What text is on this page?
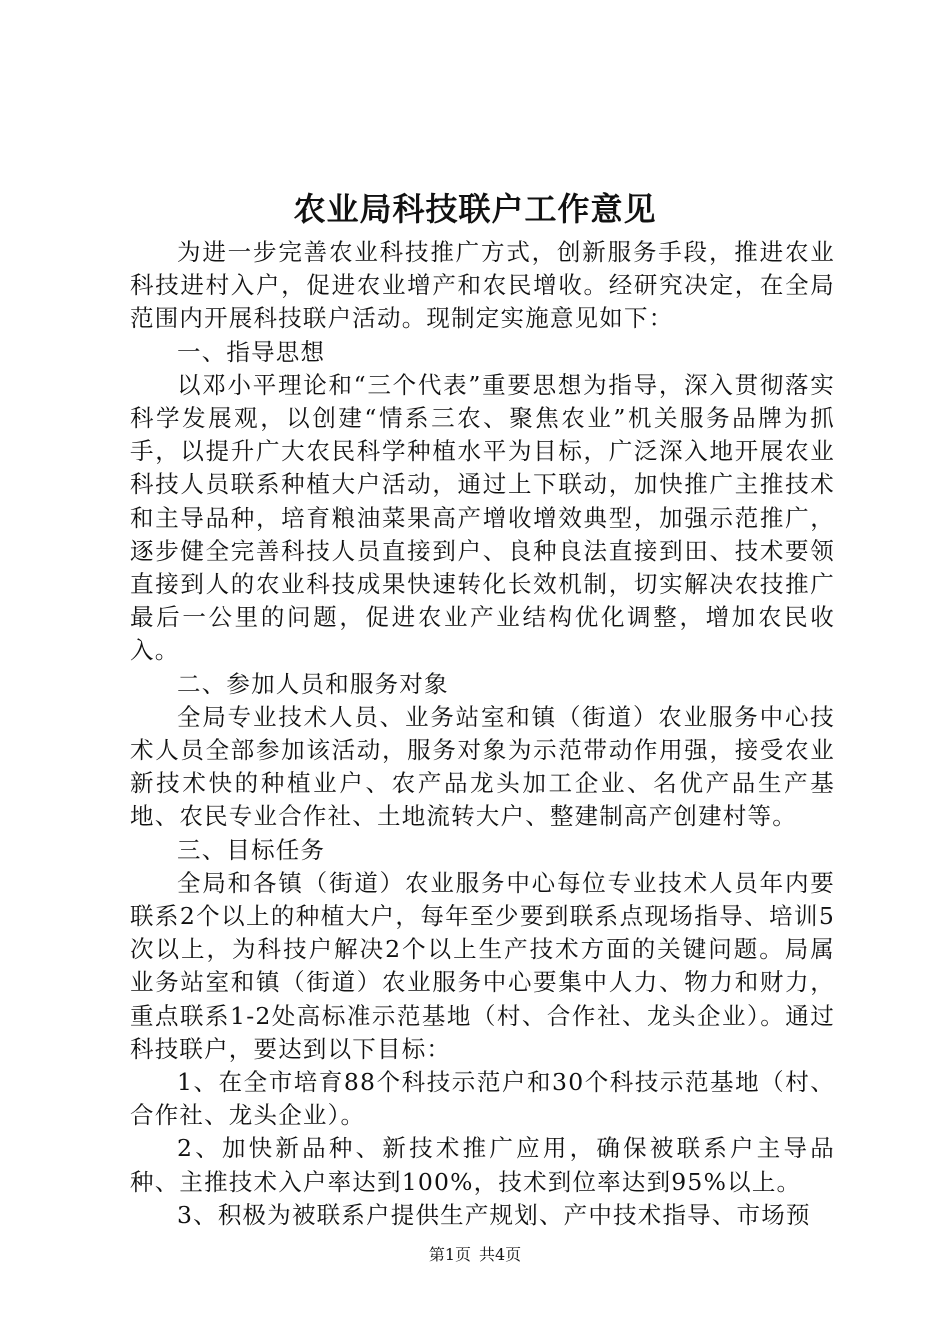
农业局科技联户工作意见

为进一步完善农业科技推广方式，创新服务手段，推进农业科技进村入户，促进农业增产和农民增收。经研究决定，在全局范围内开展科技联户活动。现制定实施意见如下：

一、指导思想

以邓小平理论和“三个代表”重要思想为指导，深入贯彻落实科学发展观，以创建“情系三农、聚焦农业”机关服务品牌为抓手，以提升广大农民科学种植水平为目标，广泛深入地开展农业科技人员联系种植大户活动，通过上下联动，加快推广主推技术和主导品种，培育粮油菜果高产增收增效典型，加强示范推广，逐步健全完善科技人员直接到户、良种良法直接到田、技术要领直接到人的农业科技成果快速转化长效机制，切实解决农技推广最后一公里的问题，促进农业产业结构优化调整，增加农民收入。

二、参加人员和服务对象

全局专业技术人员、业务站室和镇（街道）农业服务中心技术人员全部参加该活动，服务对象为示范带动作用强，接受农业新技术快的种植业户、农产品龙头加工企业、名优产品生产基地、农民专业合作社、土地流转大户、整建制高产创建村等。

三、目标任务

全局和各镇（街道）农业服务中心每位专业技术人员年内要联系2个以上的种植大户，每年至少要到联系点现场指导、培训5次以上，为科技户解决2个以上生产技术方面的关键问题。局属业务站室和镇（街道）农业服务中心要集中人力、物力和财力，重点联系1-2处高标准示范基地（村、合作社、龙头企业）。通过科技联户，要达到以下目标：

1、在全市培育88个科技示范户和30个科技示范基地（村、合作社、龙头企业）。

2、加快新品种、新技术推广应用，确保被联系户主导品种、主推技术入户率达到100%，技术到位率达到95%以上。

3、积极为被联系户提供生产规划、产中技术指导、市场预

第1页 共4页
